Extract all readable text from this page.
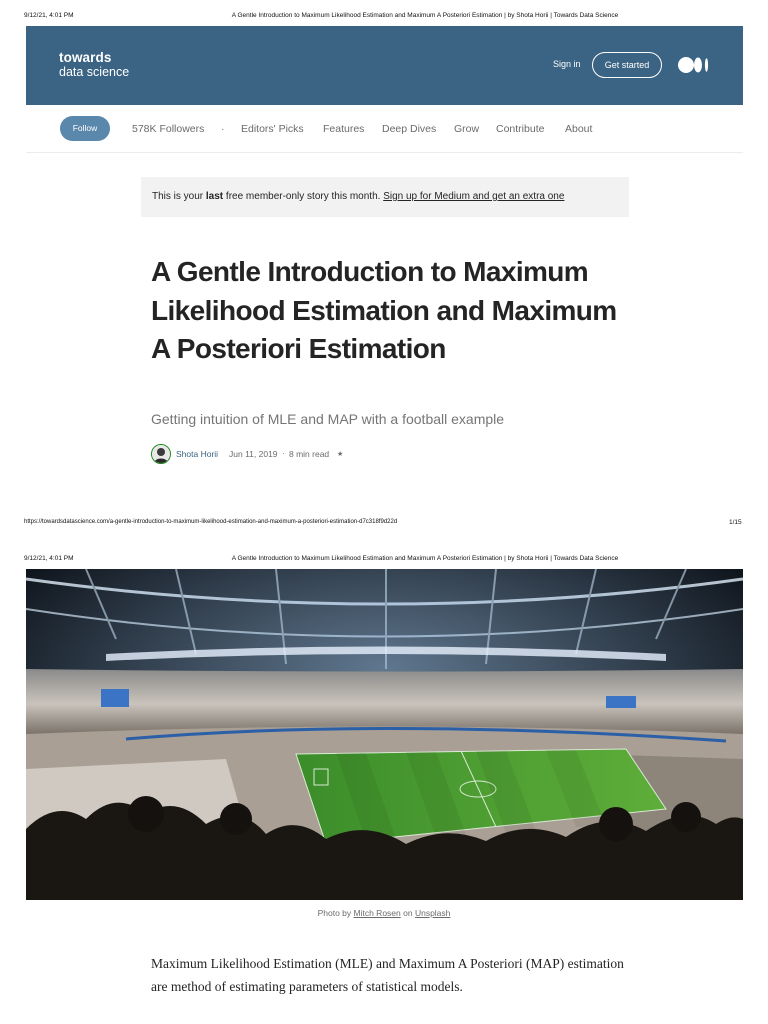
9/12/21, 4:01 PM	A Gentle Introduction to Maximum Likelihood Estimation and Maximum A Posteriori Estimation | by Shota Horii | Towards Data Science
towards
data science
Sign in	Get started
Follow	578K Followers · Editors' Picks Features Deep Dives Grow Contribute About
This is your last free member-only story this month. Sign up for Medium and get an extra one
A Gentle Introduction to Maximum Likelihood Estimation and Maximum A Posteriori Estimation
Getting intuition of MLE and MAP with a football example
Shota Horii Jun 11, 2019 · 8 min read ★
https://towardsdatascience.com/a-gentle-introduction-to-maximum-likelihood-estimation-and-maximum-a-posteriori-estimation-d7c318f9d22d	1/15
9/12/21, 4:01 PM	A Gentle Introduction to Maximum Likelihood Estimation and Maximum A Posteriori Estimation | by Shota Horii | Towards Data Science
Photo by Mitch Rosen on Unsplash
Maximum Likelihood Estimation (MLE) and Maximum A Posteriori (MAP) estimation are method of estimating parameters of statistical models.
